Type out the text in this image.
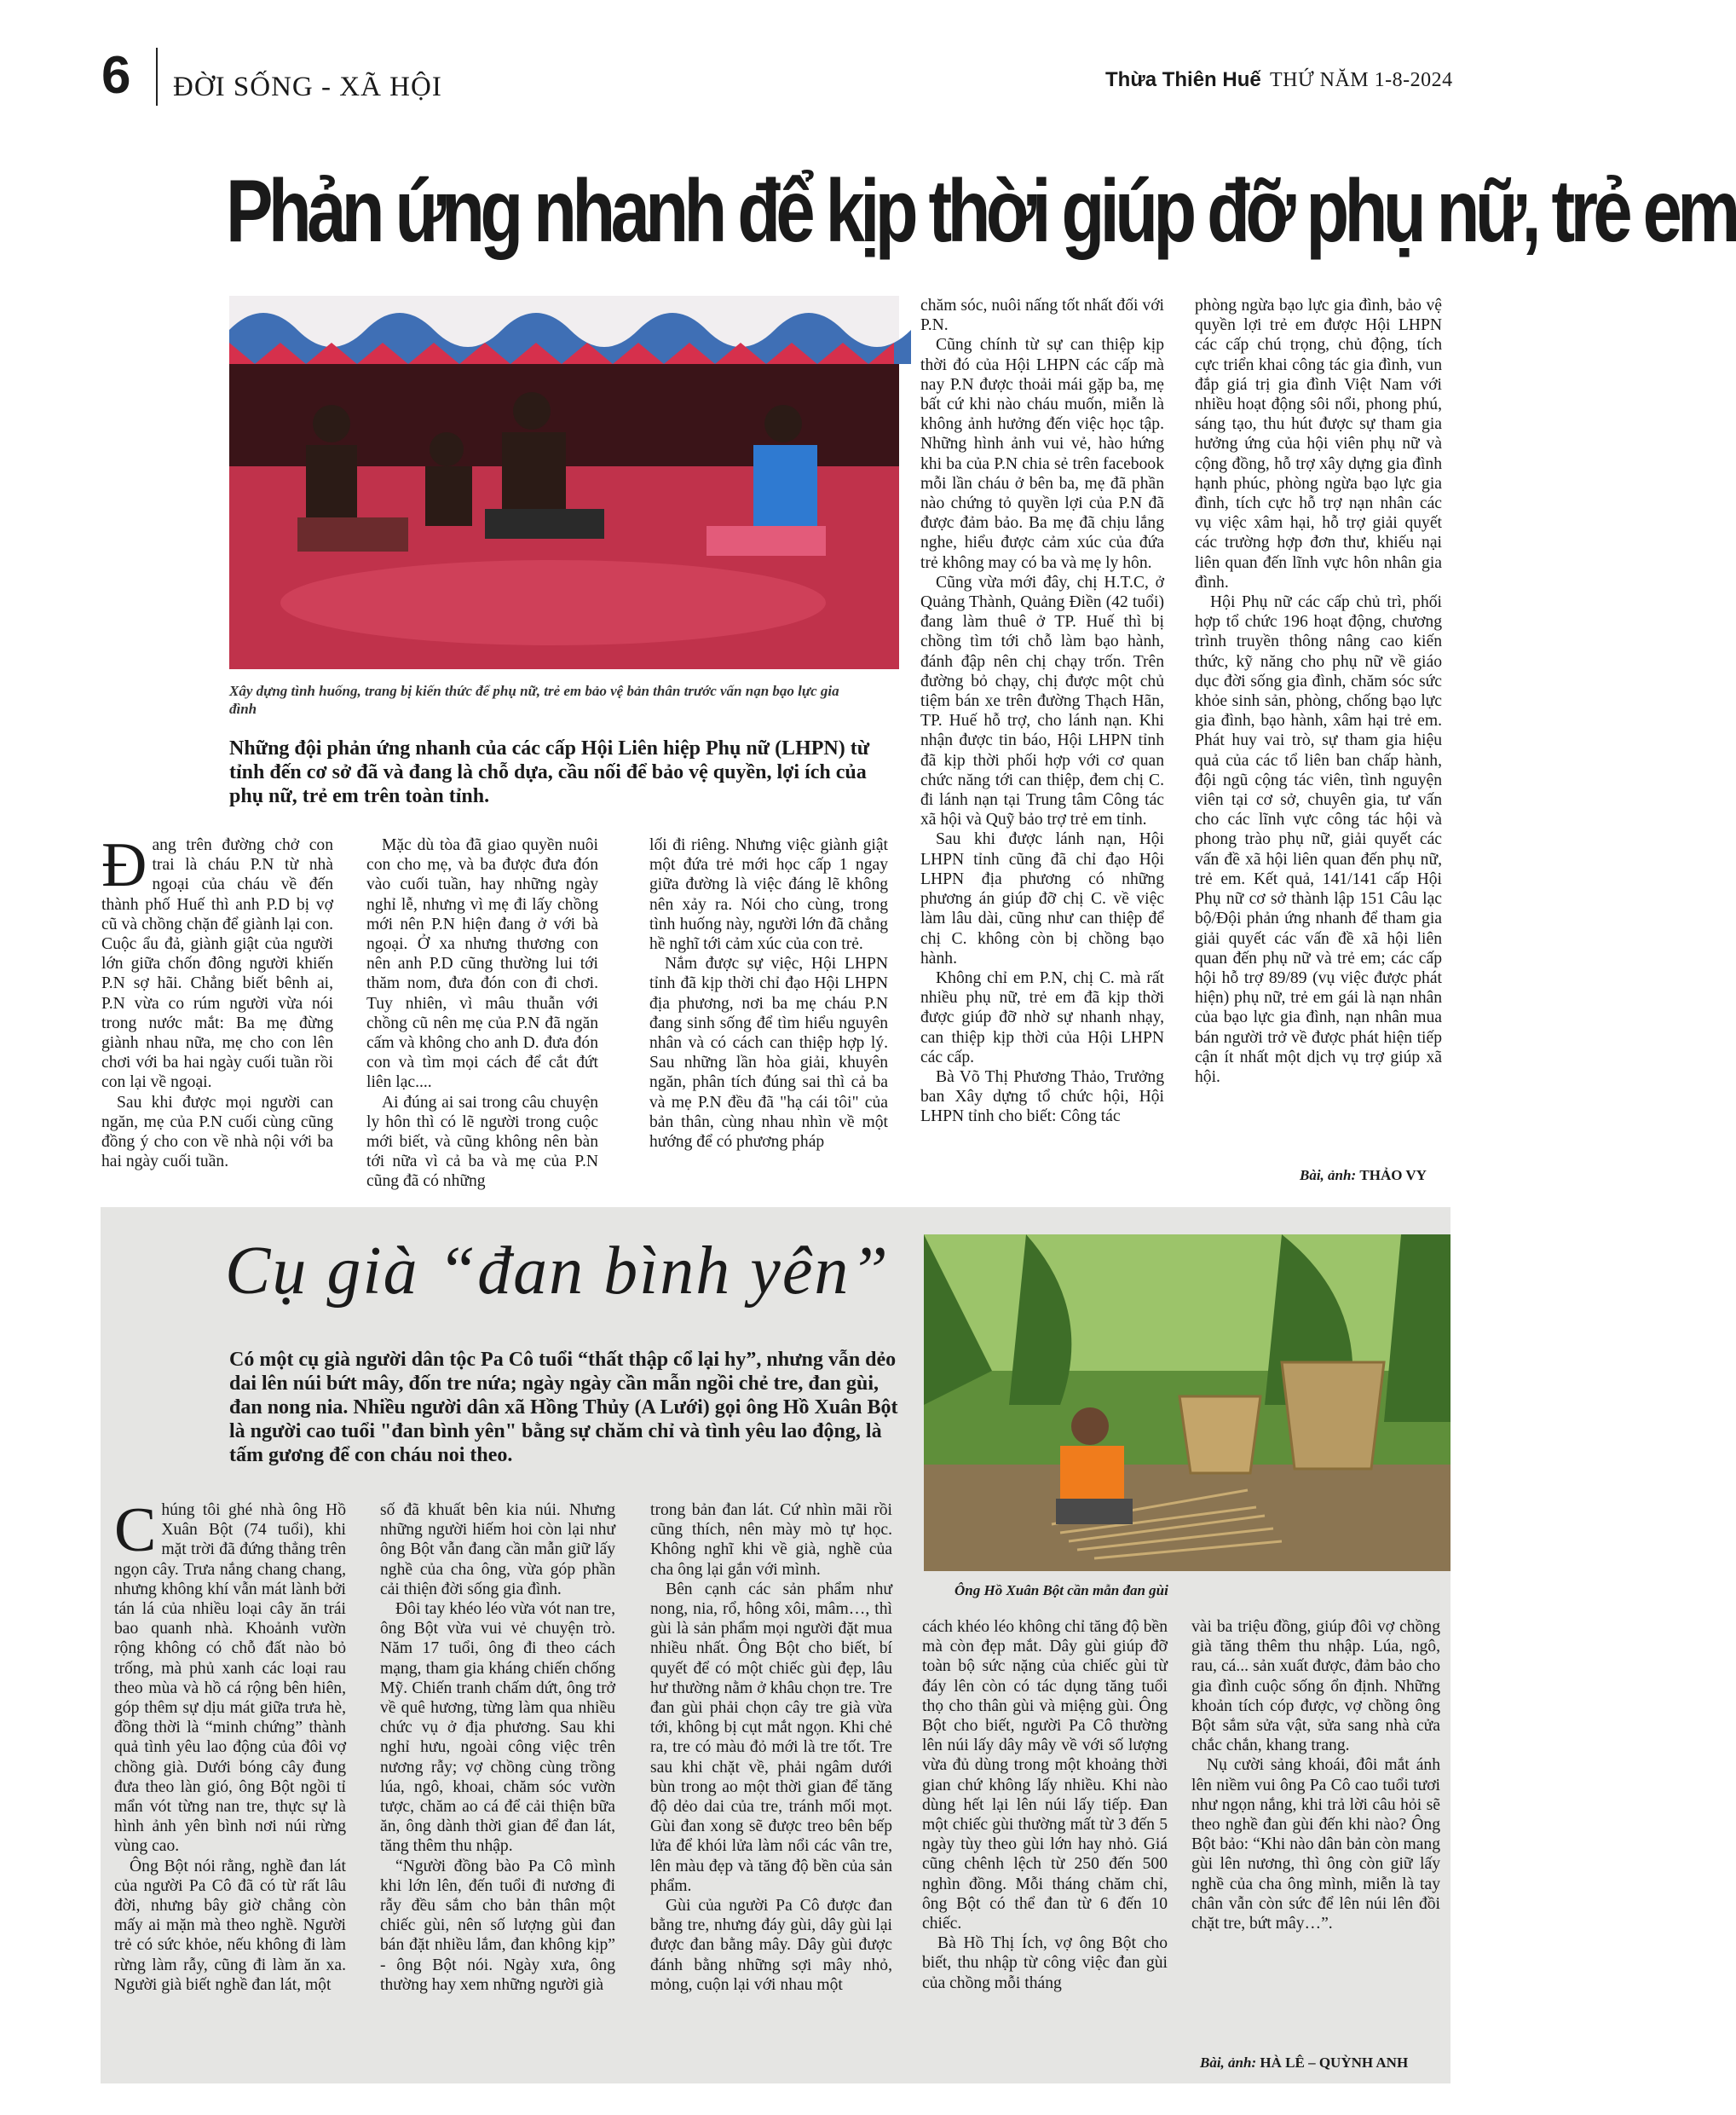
6 ĐỜI SỐNG - XÃ HỘI	Thừa Thiên Huế THỨ NĂM 1-8-2024
Phản ứng nhanh để kịp thời giúp đỡ phụ nữ, trẻ em
Xây dựng tình huống, trang bị kiến thức để phụ nữ, trẻ em bảo vệ bản thân trước vấn nạn bạo lực gia đình
Những đội phản ứng nhanh của các cấp Hội Liên hiệp Phụ nữ (LHPN) từ tỉnh đến cơ sở đã và đang là chỗ dựa, cầu nối để bảo vệ quyền, lợi ích của phụ nữ, trẻ em trên toàn tỉnh.
Đ ang trên đường chở con trai là cháu P.N từ nhà ngoại của cháu về đến thành phố Huế thì anh P.D bị vợ cũ và chồng chặn để giành lại con. Cuộc ẩu đả, giành giật của người lớn giữa chốn đông người khiến P.N sợ hãi. Chẳng biết bênh ai, P.N vừa co rúm người vừa nói trong nước mắt: Ba mẹ đừng giành nhau nữa, mẹ cho con lên chơi với ba hai ngày cuối tuần rồi con lại về ngoại.

Sau khi được mọi người can ngăn, mẹ của P.N cuối cùng cũng đồng ý cho con về nhà nội với ba hai ngày cuối tuần.

Mặc dù tòa đã giao quyền nuôi con cho mẹ, và ba được đưa đón vào cuối tuần, hay những ngày nghỉ lễ, nhưng vì mẹ đi lấy chồng mới nên P.N hiện đang ở với bà ngoại. Ở xa nhưng thương con nên anh P.D cũng thường lui tới thăm nom, đưa đón con đi chơi. Tuy nhiên, vì mâu thuẫn với chồng cũ nên mẹ của P.N đã ngăn cấm và không cho anh D. đưa đón con và tìm mọi cách để cắt đứt liên lạc....

Ai đúng ai sai trong câu chuyện ly hôn thì có lẽ người trong cuộc mới biết, và cũng không nên bàn tới nữa vì cả ba và mẹ của P.N cũng đã có những

lối đi riêng. Nhưng việc giành giật một đứa trẻ mới học cấp 1 ngay giữa đường là việc đáng lẽ không nên xảy ra. Nói cho cùng, trong tình huống này, người lớn đã chẳng hề nghĩ tới cảm xúc của con trẻ.

Nắm được sự việc, Hội LHPN tỉnh đã kịp thời chỉ đạo Hội LHPN địa phương, nơi ba mẹ cháu P.N đang sinh sống để tìm hiểu nguyên nhân và có cách can thiệp hợp lý. Sau những lần hòa giải, khuyên ngăn, phân tích đúng sai thì cả ba và mẹ P.N đều đã "hạ cái tôi" của bản thân, cùng nhau nhìn về một hướng để có phương pháp

chăm sóc, nuôi nấng tốt nhất đối với P.N.

Cũng chính từ sự can thiệp kịp thời đó của Hội LHPN các cấp mà nay P.N được thoải mái gặp ba, mẹ bất cứ khi nào cháu muốn, miễn là không ảnh hưởng đến việc học tập. Những hình ảnh vui vẻ, hào hứng khi ba của P.N chia sẻ trên facebook mỗi lần cháu ở bên ba, mẹ đã phần nào chứng tỏ quyền lợi của P.N đã được đảm bảo. Ba mẹ đã chịu lắng nghe, hiểu được cảm xúc của đứa trẻ không may có ba và mẹ ly hôn.

Cũng vừa mới đây, chị H.T.C, ở Quảng Thành, Quảng Điền (42 tuổi) đang làm thuê ở TP. Huế thì bị chồng tìm tới chỗ làm bạo hành, đánh đập nên chị chạy trốn. Trên đường bỏ chạy, chị được một chủ tiệm bán xe trên đường Thạch Hãn, TP. Huế hỗ trợ, cho lánh nạn. Khi nhận được tin báo, Hội LHPN tỉnh đã kịp thời phối hợp với cơ quan chức năng tới can thiệp, đem chị C. đi lánh nạn tại Trung tâm Công tác xã hội và Quỹ bảo trợ trẻ em tỉnh.

Sau khi được lánh nạn, Hội LHPN tỉnh cũng đã chỉ đạo Hội LHPN địa phương có những phương án giúp đỡ chị C. về việc làm lâu dài, cũng như can thiệp để chị C. không còn bị chồng bạo hành.

Không chỉ em P.N, chị C. mà rất nhiều phụ nữ, trẻ em đã kịp thời được giúp đỡ nhờ sự nhanh nhạy, can thiệp kịp thời của Hội LHPN các cấp.

Bà Võ Thị Phương Thảo, Trưởng ban Xây dựng tổ chức hội, Hội LHPN tỉnh cho biết: Công tác

phòng ngừa bạo lực gia đình, bảo vệ quyền lợi trẻ em được Hội LHPN các cấp chú trọng, chủ động, tích cực triển khai công tác gia đình, vun đắp giá trị gia đình Việt Nam với nhiều hoạt động sôi nổi, phong phú, sáng tạo, thu hút được sự tham gia hưởng ứng của hội viên phụ nữ và cộng đồng, hỗ trợ xây dựng gia đình hạnh phúc, phòng ngừa bạo lực gia đình, tích cực hỗ trợ nạn nhân các vụ việc xâm hại, hỗ trợ giải quyết các trường hợp đơn thư, khiếu nại liên quan đến lĩnh vực hôn nhân gia đình.

Hội Phụ nữ các cấp chủ trì, phối hợp tổ chức 196 hoạt động, chương trình truyền thông nâng cao kiến thức, kỹ năng cho phụ nữ về giáo dục đời sống gia đình, chăm sóc sức khỏe sinh sản, phòng, chống bạo lực gia đình, bạo hành, xâm hại trẻ em. Phát huy vai trò, sự tham gia hiệu quả của các tổ liên ban chấp hành, đội ngũ cộng tác viên, tình nguyện viên tại cơ sở, chuyên gia, tư vấn cho các lĩnh vực công tác hội và phong trào phụ nữ, giải quyết các vấn đề xã hội liên quan đến phụ nữ, trẻ em. Kết quả, 141/141 cấp Hội Phụ nữ cơ sở thành lập 151 Câu lạc bộ/Đội phản ứng nhanh để tham gia giải quyết các vấn đề xã hội liên quan đến phụ nữ và trẻ em; các cấp hội hỗ trợ 89/89 (vụ việc được phát hiện) phụ nữ, trẻ em gái là nạn nhân của bạo lực gia đình, nạn nhân mua bán người trở về được phát hiện tiếp cận ít nhất một dịch vụ trợ giúp xã hội.

Bài, ảnh: THẢO VY
Cụ già “đan bình yên”
Có một cụ già người dân tộc Pa Cô tuổi “thất thập cổ lại hy”, nhưng vẫn dẻo dai lên núi bứt mây, đốn tre nứa; ngày ngày cần mẫn ngồi chẻ tre, đan gùi, đan nong nia. Nhiều người dân xã Hồng Thủy (A Lưới) gọi ông Hồ Xuân Bột là người cao tuổi "đan bình yên" bằng sự chăm chỉ và tình yêu lao động, là tấm gương để con cháu noi theo.
Ông Hồ Xuân Bột cần mẫn đan gùi
C húng tôi ghé nhà ông Hồ Xuân Bột (74 tuổi), khi mặt trời đã đứng thẳng trên ngọn cây. Trưa nắng chang chang, nhưng không khí vẫn mát lành bởi tán lá của nhiều loại cây ăn trái bao quanh nhà. Khoảnh vườn rộng không có chỗ đất nào bỏ trống, mà phủ xanh các loại rau theo mùa và hồ cá rộng bên hiên, góp thêm sự dịu mát giữa trưa hè, đồng thời là “minh chứng” thành quả tình yêu lao động của đôi vợ chồng già. Dưới bóng cây đung đưa theo làn gió, ông Bột ngồi tỉ mẩn vót từng nan tre, thực sự là hình ảnh yên bình nơi núi rừng vùng cao.

Ông Bột nói rằng, nghề đan lát của người Pa Cô đã có từ rất lâu đời, nhưng bây giờ chẳng còn mấy ai mặn mà theo nghề. Người trẻ có sức khỏe, nếu không đi làm rừng làm rẫy, cũng đi làm ăn xa. Người già biết nghề đan lát, một

số đã khuất bên kia núi. Nhưng những người hiếm hoi còn lại như ông Bột vẫn đang cần mẫn giữ lấy nghề của cha ông, vừa góp phần cải thiện đời sống gia đình.

Đôi tay khéo léo vừa vót nan tre, ông Bột vừa vui vẻ chuyện trò. Năm 17 tuổi, ông đi theo cách mạng, tham gia kháng chiến chống Mỹ. Chiến tranh chấm dứt, ông trở về quê hương, từng làm qua nhiều chức vụ ở địa phương. Sau khi nghỉ hưu, ngoài công việc trên nương rẫy; vợ chồng cùng trồng lúa, ngô, khoai, chăm sóc vườn tược, chăm ao cá để cải thiện bữa ăn, ông dành thời gian để đan lát, tăng thêm thu nhập.

“Người đồng bào Pa Cô mình khi lớn lên, đến tuổi đi nương đi rẫy đều sắm cho bản thân một chiếc gùi, nên số lượng gùi đan bán đặt nhiều lắm, đan không kịp” - ông Bột nói. Ngày xưa, ông thường hay xem những người già

trong bản đan lát. Cứ nhìn mãi rồi cũng thích, nên mày mò tự học. Không nghĩ khi về già, nghề của cha ông lại gắn với mình.

Bên cạnh các sản phẩm như nong, nia, rổ, hông xôi, mâm…, thì gùi là sản phẩm mọi người đặt mua nhiều nhất. Ông Bột cho biết, bí quyết để có một chiếc gùi đẹp, lâu hư thường nằm ở khâu chọn tre. Tre đan gùi phải chọn cây tre già vừa tới, không bị cụt mắt ngọn. Khi chẻ ra, tre có màu đỏ mới là tre tốt. Tre sau khi chặt về, phải ngâm dưới bùn trong ao một thời gian để tăng độ dẻo dai của tre, tránh mối mọt. Gùi đan xong sẽ được treo bên bếp lửa để khói lửa làm nổi các vân tre, lên màu đẹp và tăng độ bền của sản phẩm.

Gùi của người Pa Cô được đan bằng tre, nhưng đáy gùi, dây gùi lại được đan bằng mây. Dây gùi được đánh bằng những sợi mây nhỏ, mỏng, cuộn lại với nhau một

cách khéo léo không chỉ tăng độ bền mà còn đẹp mắt. Dây gùi giúp đỡ toàn bộ sức nặng của chiếc gùi từ đáy lên còn có tác dụng tăng tuổi thọ cho thân gùi và miệng gùi. Ông Bột cho biết, người Pa Cô thường lên núi lấy dây mây về với số lượng vừa đủ dùng trong một khoảng thời gian chứ không lấy nhiều. Khi nào dùng hết lại lên núi lấy tiếp. Đan một chiếc gùi thường mất từ 3 đến 5 ngày tùy theo gùi lớn hay nhỏ. Giá cũng chênh lệch từ 250 đến 500 nghìn đồng. Mỗi tháng chăm chỉ, ông Bột có thể đan từ 6 đến 10 chiếc.

Bà Hồ Thị Ích, vợ ông Bột cho biết, thu nhập từ công việc đan gùi của chồng mỗi tháng

vài ba triệu đồng, giúp đôi vợ chồng già tăng thêm thu nhập. Lúa, ngô, rau, cá... sản xuất được, đảm bảo cho gia đình cuộc sống ổn định. Những khoản tích cóp được, vợ chồng ông Bột sắm sửa vật, sửa sang nhà cửa chắc chắn, khang trang.

Nụ cười sảng khoái, đôi mắt ánh lên niềm vui ông Pa Cô cao tuổi tươi như ngọn nắng, khi trả lời câu hỏi sẽ theo nghề đan gùi đến khi nào? Ông Bột bảo: “Khi nào dân bản còn mang gùi lên nương, thì ông còn giữ lấy nghề của cha ông mình, miễn là tay chân vẫn còn sức để lên núi lên đồi chặt tre, bứt mây…”.

Bài, ảnh: HÀ LÊ – QUỲNH ANH
